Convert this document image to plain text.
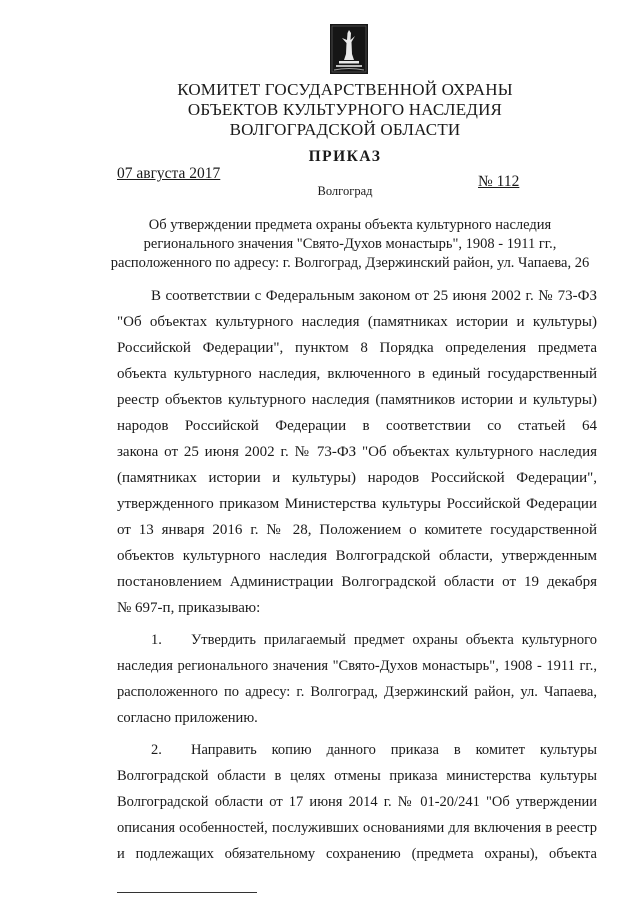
КОМИТЕТ ГОСУДАРСТВЕННОЙ ОХРАНЫ
ОБЪЕКТОВ КУЛЬТУРНОГО НАСЛЕДИЯ
ВОЛГОГРАДСКОЙ ОБЛАСТИ
ПРИКАЗ
07 августа 2017	№ 112
Волгоград
Об утверждении предмета охраны объекта культурного наследия
регионального значения "Свято-Духов монастырь", 1908 - 1911 гг.,
расположенного по адресу: г. Волгоград, Дзержинский район, ул. Чапаева, 26
В соответствии с Федеральным законом от 25 июня 2002 г. № 73-ФЗ
"Об объектах культурного наследия (памятниках истории и культуры)
Российской Федерации", пунктом 8 Порядка определения предмета
объекта культурного наследия, включенного в единый государственный
реестр объектов культурного наследия (памятников истории и культуры)
народов Российской Федерации в соответствии со статьей 64
закона от 25 июня 2002 г. № 73-ФЗ "Об объектах культурного наследия
(памятниках истории и культуры) народов Российской Федерации",
утвержденного приказом Министерства культуры Российской Федерации
от 13 января 2016 г. № 28, Положением о комитете государственной
объектов культурного наследия Волгоградской области, утвержденным
постановлением Администрации Волгоградской области от 19 декабря
№ 697-п, приказываю:
1. Утвердить прилагаемый предмет охраны объекта культурного
наследия регионального значения "Свято-Духов монастырь", 1908 - 1911 гг.,
расположенного по адресу: г. Волгоград, Дзержинский район, ул. Чапаева,
согласно приложению.
2. Направить копию данного приказа в комитет культуры
Волгоградской области в целях отмены приказа министерства культуры
Волгоградской области от 17 июня 2014 г. № 01-20/241 "Об утверждении
описания особенностей, послуживших основаниями для включения в реестр
и подлежащих обязательному сохранению (предмета охраны), объекта
